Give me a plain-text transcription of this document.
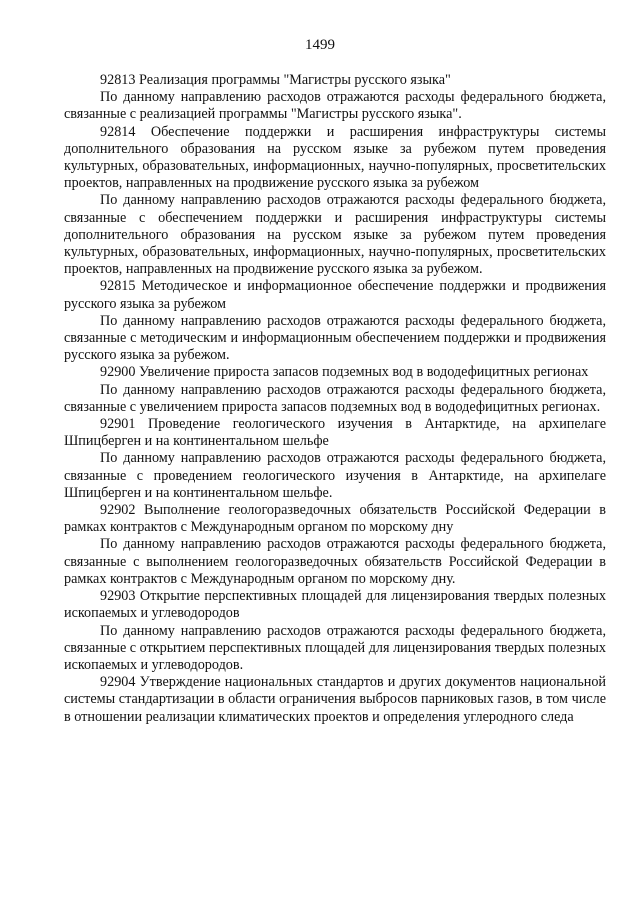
1499

92813 Реализация программы "Магистры русского языка"

По данному направлению расходов отражаются расходы федерального бюджета, связанные с реализацией программы "Магистры русского языка".

92814 Обеспечение поддержки и расширения инфраструктуры системы дополнительного образования на русском языке за рубежом путем проведения культурных, образовательных, информационных, научно-популярных, просветительских проектов, направленных на продвижение русского языка за рубежом

По данному направлению расходов отражаются расходы федерального бюджета, связанные с обеспечением поддержки и расширения инфраструктуры системы дополнительного образования на русском языке за рубежом путем проведения культурных, образовательных, информационных, научно-популярных, просветительских проектов, направленных на продвижение русского языка за рубежом.

92815 Методическое и информационное обеспечение поддержки и продвижения русского языка за рубежом

По данному направлению расходов отражаются расходы федерального бюджета, связанные с методическим и информационным обеспечением поддержки и продвижения русского языка за рубежом.

92900 Увеличение прироста запасов подземных вод в вододефицитных регионах

По данному направлению расходов отражаются расходы федерального бюджета, связанные с увеличением прироста запасов подземных вод в вододефицитных регионах.

92901 Проведение геологического изучения в Антарктиде, на архипелаге Шпицберген и на континентальном шельфе

По данному направлению расходов отражаются расходы федерального бюджета, связанные с проведением геологического изучения в Антарктиде, на архипелаге Шпицберген и на континентальном шельфе.

92902 Выполнение геологоразведочных обязательств Российской Федерации в рамках контрактов с Международным органом по морскому дну

По данному направлению расходов отражаются расходы федерального бюджета, связанные с выполнением геологоразведочных обязательств Российской Федерации в рамках контрактов с Международным органом по морскому дну.

92903 Открытие перспективных площадей для лицензирования твердых полезных ископаемых и углеводородов

По данному направлению расходов отражаются расходы федерального бюджета, связанные с открытием перспективных площадей для лицензирования твердых полезных ископаемых и углеводородов.

92904 Утверждение национальных стандартов и других документов национальной системы стандартизации в области ограничения выбросов парниковых газов, в том числе в отношении реализации климатических проектов и определения углеродного следа
